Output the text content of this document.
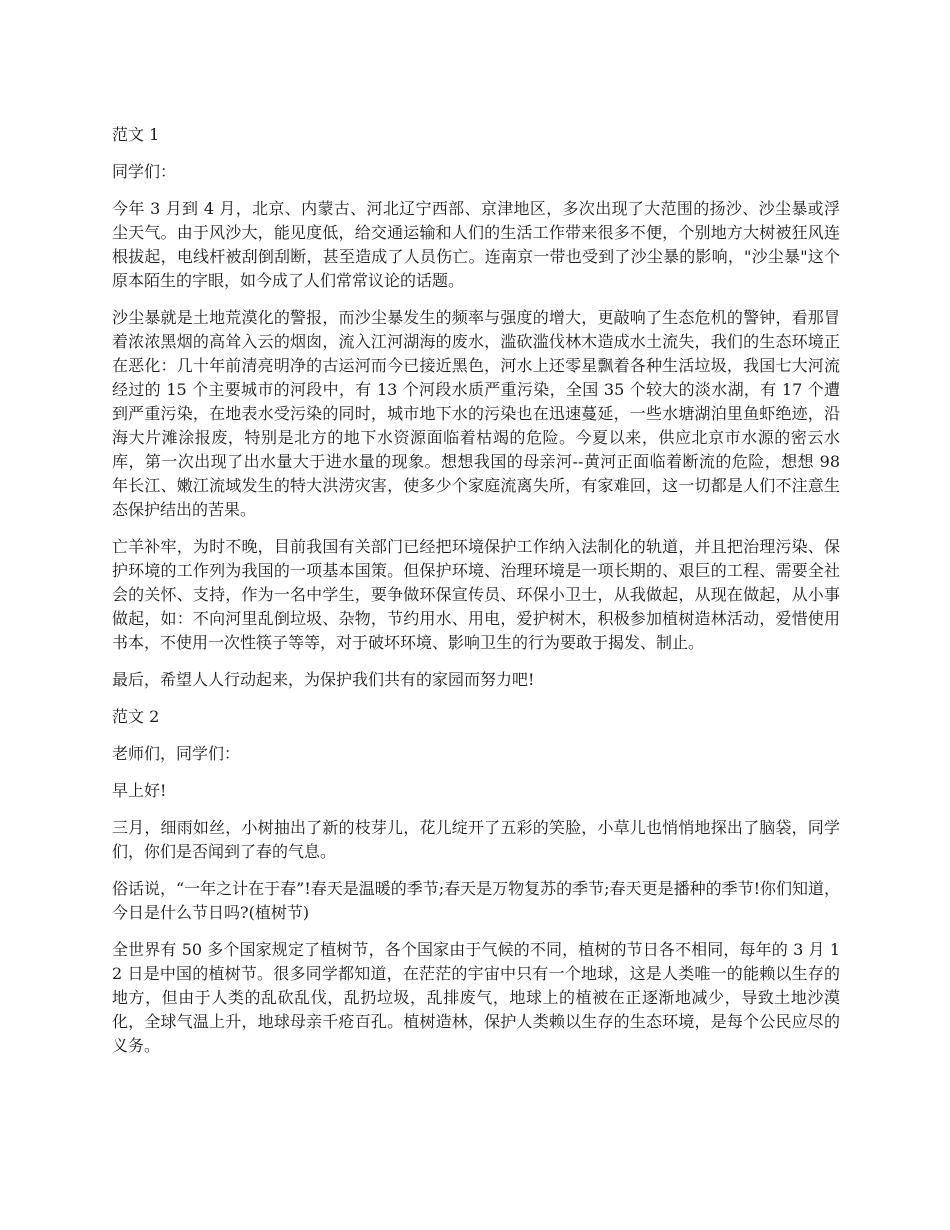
范文 1

同学们：

今年 3 月到 4 月，北京、内蒙古、河北辽宁西部、京津地区，多次出现了大范围的扬沙、沙尘暴或浮尘天气。由于风沙大，能见度低，给交通运输和人们的生活工作带来很多不便，个别地方大树被狂风连根拔起，电线杆被刮倒刮断，甚至造成了人员伤亡。连南京一带也受到了沙尘暴的影响，"沙尘暴"这个原本陌生的字眼，如今成了人们常常议论的话题。

沙尘暴就是土地荒漠化的警报，而沙尘暴发生的频率与强度的增大，更敲响了生态危机的警钟，看那冒着浓浓黑烟的高耸入云的烟囱，流入江河湖海的废水，滥砍滥伐林木造成水土流失，我们的生态环境正在恶化：几十年前清亮明净的古运河而今已接近黑色，河水上还零星飘着各种生活垃圾，我国七大河流经过的 15 个主要城市的河段中，有 13 个河段水质严重污染，全国 35 个较大的淡水湖，有 17 个遭到严重污染，在地表水受污染的同时，城市地下水的污染也在迅速蔓延，一些水塘湖泊里鱼虾绝迹，沿海大片滩涂报废，特别是北方的地下水资源面临着枯竭的危险。今夏以来，供应北京市水源的密云水库，第一次出现了出水量大于进水量的现象。想想我国的母亲河--黄河正面临着断流的危险，想想 98 年长江、嫩江流域发生的特大洪涝灾害，使多少个家庭流离失所，有家难回，这一切都是人们不注意生态保护结出的苦果。

亡羊补牢，为时不晚，目前我国有关部门已经把环境保护工作纳入法制化的轨道，并且把治理污染、保护环境的工作列为我国的一项基本国策。但保护环境、治理环境是一项长期的、艰巨的工程、需要全社会的关怀、支持，作为一名中学生，要争做环保宣传员、环保小卫士，从我做起，从现在做起，从小事做起，如：不向河里乱倒垃圾、杂物，节约用水、用电，爱护树木，积极参加植树造林活动，爱惜使用书本，不使用一次性筷子等等，对于破坏环境、影响卫生的行为要敢于揭发、制止。

最后，希望人人行动起来，为保护我们共有的家园而努力吧!

范文 2

老师们，同学们：

早上好!

三月，细雨如丝，小树抽出了新的枝芽儿，花儿绽开了五彩的笑脸，小草儿也悄悄地探出了脑袋，同学们，你们是否闻到了春的气息。

俗话说，“一年之计在于春”!春天是温暖的季节;春天是万物复苏的季节;春天更是播种的季节!你们知道，今日是什么节日吗?(植树节)

全世界有 50 多个国家规定了植树节，各个国家由于气候的不同，植树的节日各不相同，每年的 3 月 12 日是中国的植树节。很多同学都知道，在茫茫的宇宙中只有一个地球，这是人类唯一的能赖以生存的地方，但由于人类的乱砍乱伐，乱扔垃圾，乱排废气，地球上的植被在正逐渐地减少，导致土地沙漠化，全球气温上升，地球母亲千疮百孔。植树造林，保护人类赖以生存的生态环境，是每个公民应尽的义务。
